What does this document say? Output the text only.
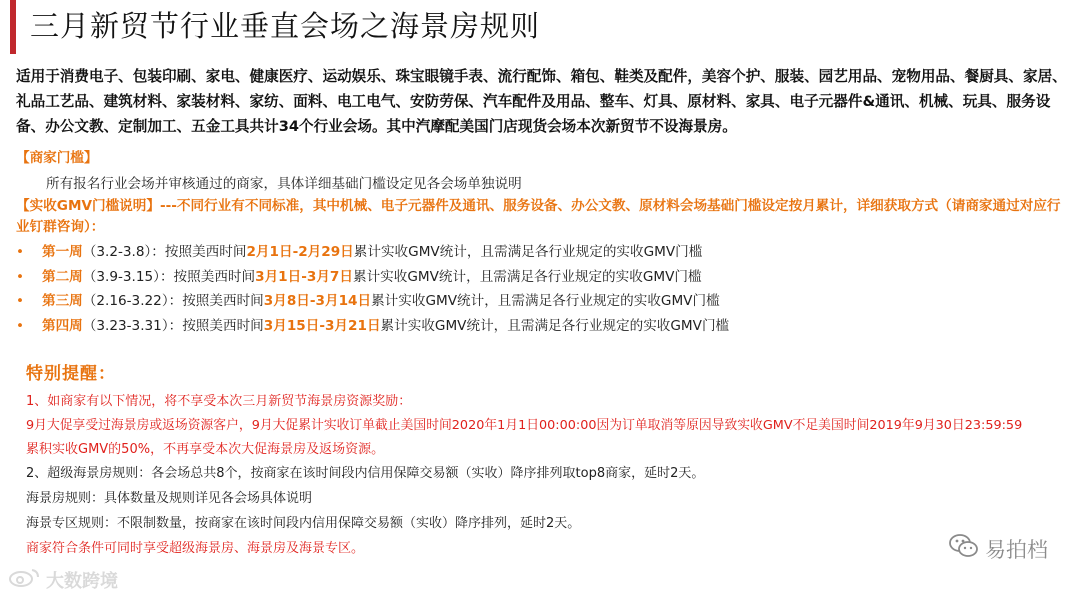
三月新贸节行业垂直会场之海景房规则
适用于消费电子、包装印刷、家电、健康医疗、运动娱乐、珠宝眼镜手表、流行配饰、箱包、鞋类及配件，美容个护、服装、园艺用品、宠物用品、餐厨具、家居、礼品工艺品、建筑材料、家装材料、家纺、面料、电工电气、安防劳保、汽车配件及用品、整车、灯具、原材料、家具、电子元器件&通讯、机械、玩具、服务设备、办公文教、定制加工、五金工具共计34个行业会场。其中汽摩配美国门店现货会场本次新贸节不设海景房。
【商家门槛】
所有报名行业会场并审核通过的商家，具体详细基础门槛设定见各会场单独说明
【实收GMV门槛说明】---不同行业有不同标准，其中机械、电子元器件及通讯、服务设备、办公文教、原材料会场基础门槛设定按月累计，详细获取方式（请商家通过对应行业钉群咨询）：
• 第一周（3.2-3.8）：按照美西时间2月1日-2月29日累计实收GMV统计，且需满足各行业规定的实收GMV门槛
• 第二周（3.9-3.15）：按照美西时间3月1日-3月7日累计实收GMV统计，且需满足各行业规定的实收GMV门槛
• 第三周（2.16-3.22）：按照美西时间3月8日-3月14日累计实收GMV统计，且需满足各行业规定的实收GMV门槛
• 第四周（3.23-3.31）：按照美西时间3月15日-3月21日累计实收GMV统计，且需满足各行业规定的实收GMV门槛
特别提醒：
1、如商家有以下情况，将不享受本次三月新贸节海景房资源奖励：
9月大促享受过海景房或返场资源客户，9月大促累计实收订单截止美国时间2020年1月1日00:00:00因为订单取消等原因导致实收GMV不足美国时间2019年9月30日23:59:59
累积实收GMV的50%，不再享受本次大促海景房及返场资源。
2、超级海景房规则：各会场总共8个，按商家在该时间段内信用保障交易额（实收）降序排列取top8商家，延时2天。
海景房规则：具体数量及规则详见各会场具体说明
海景专区规则：不限制数量，按商家在该时间段内信用保障交易额（实收）降序排列，延时2天。
商家符合条件可同时享受超级海景房、海景房及海景专区。	易拍档
大数跨境
